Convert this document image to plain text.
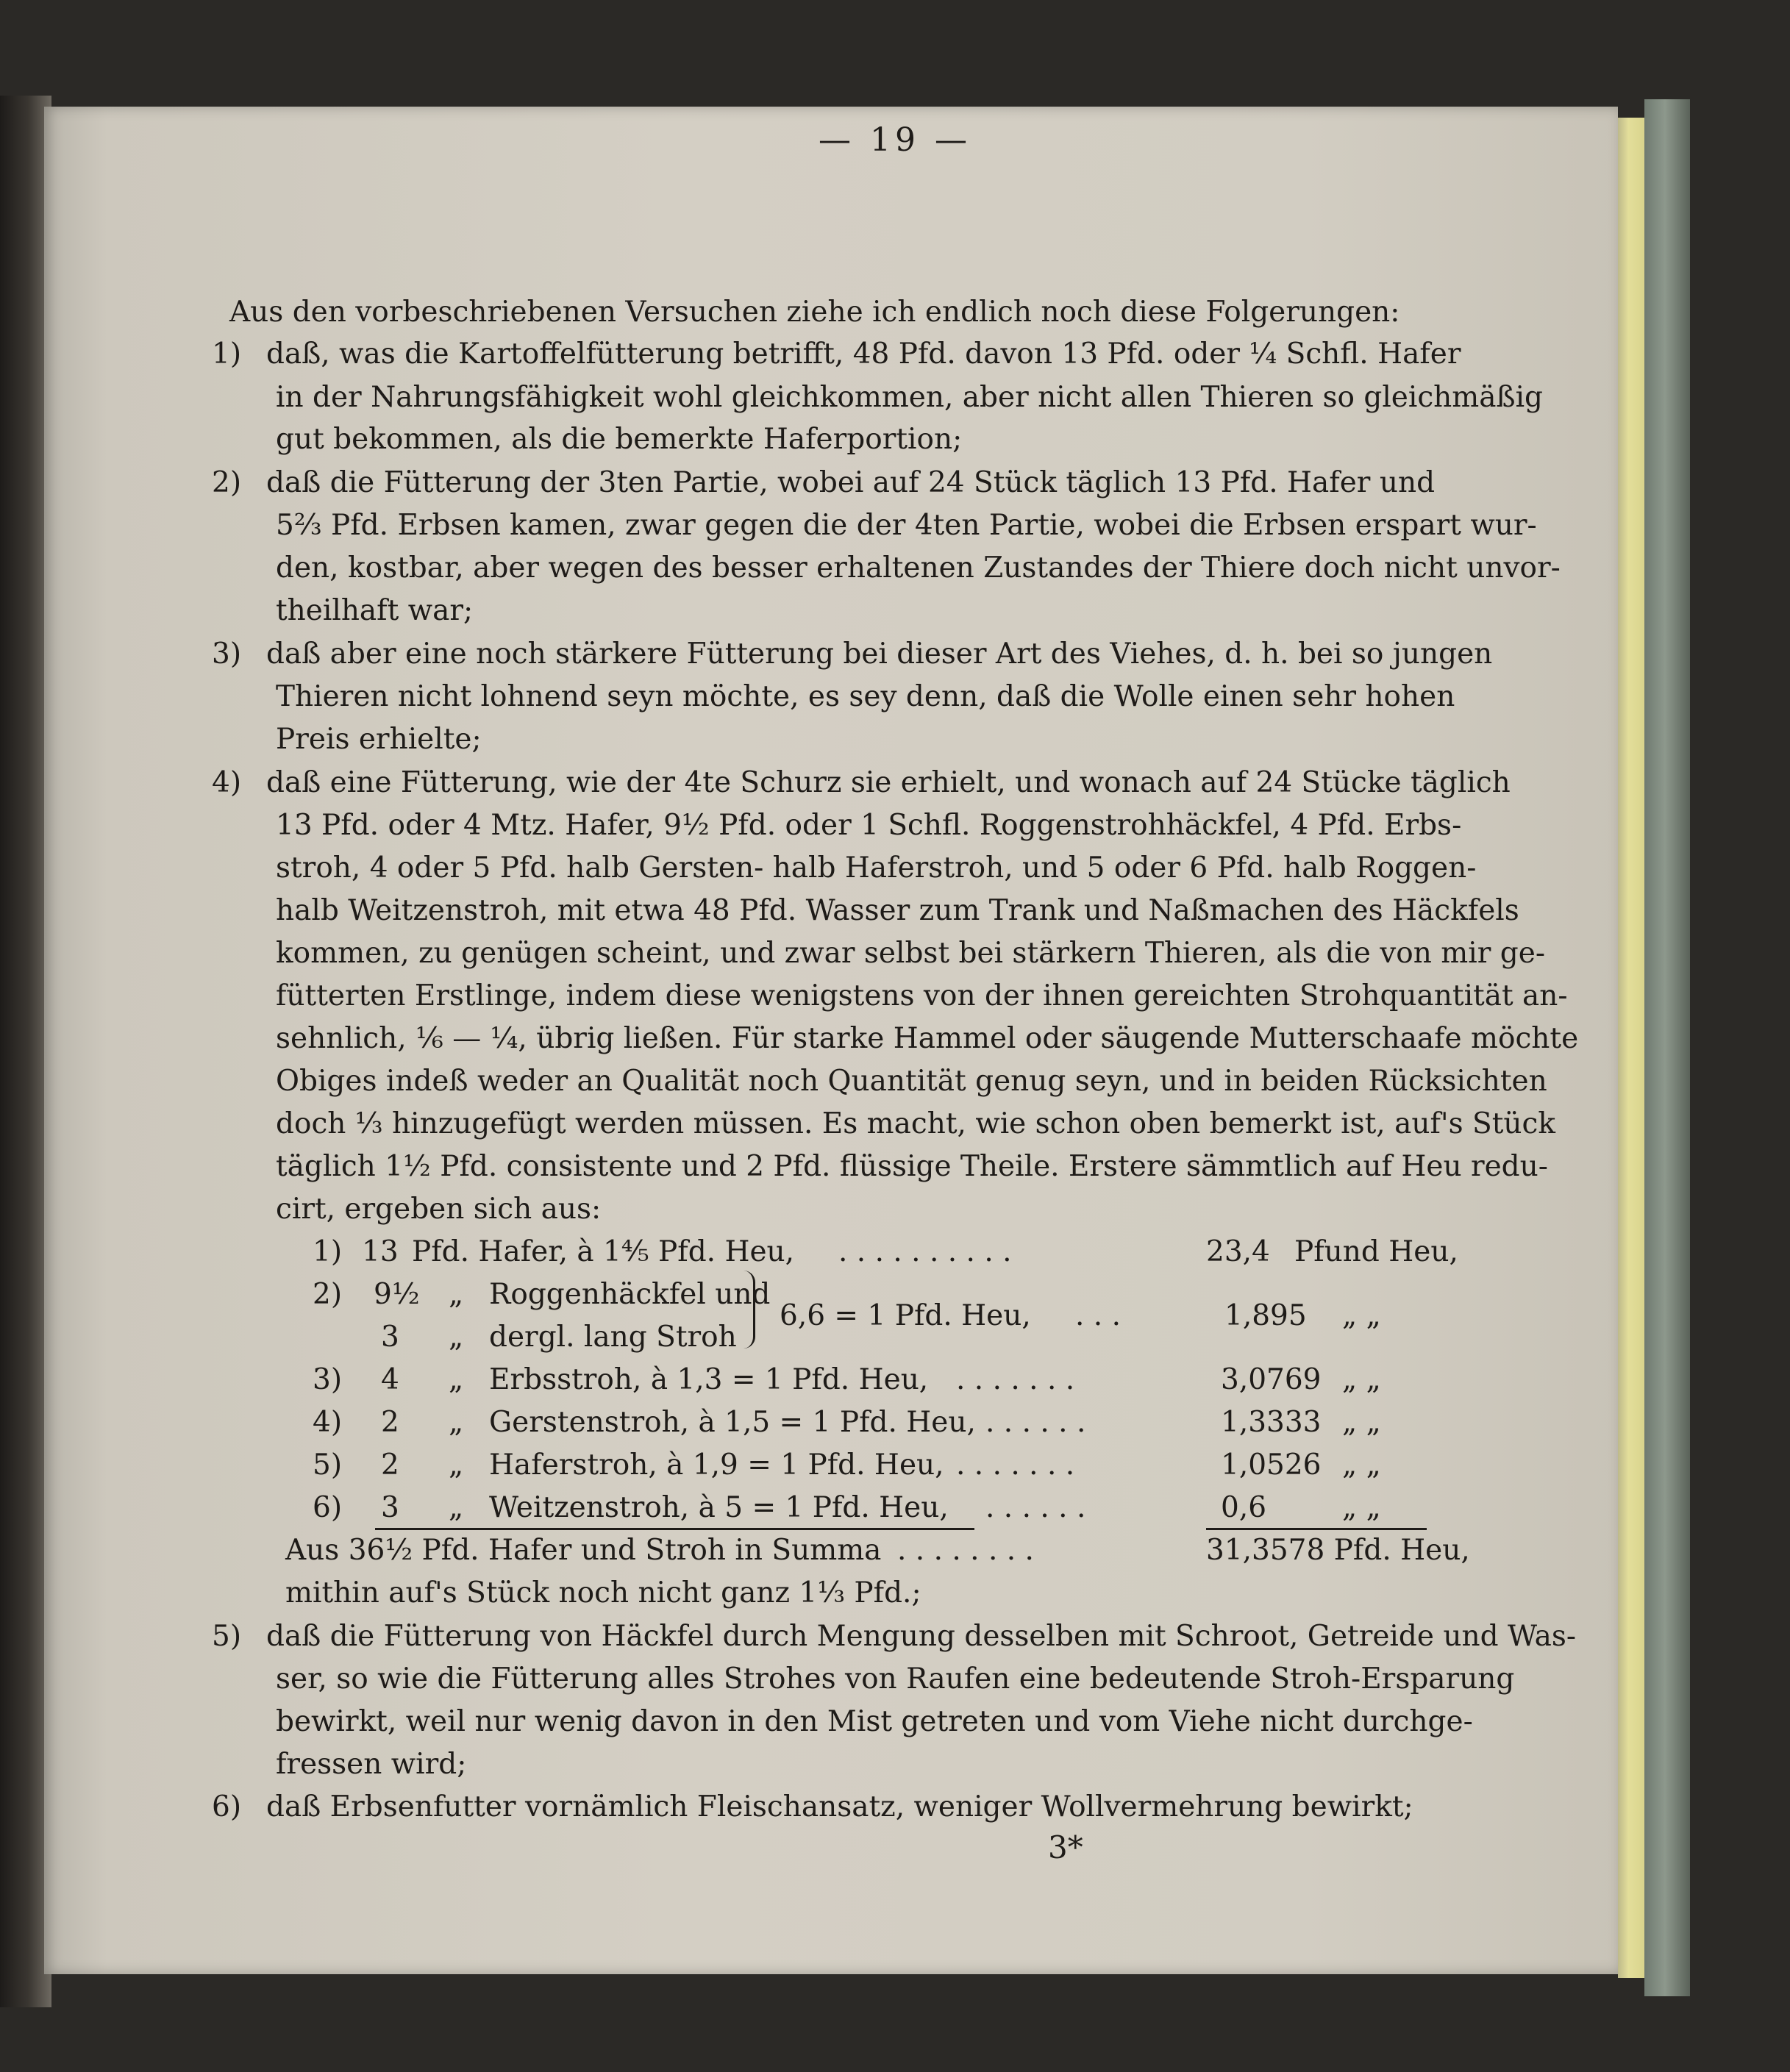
— 19 —
Aus den vorbeschriebenen Versuchen ziehe ich endlich noch diese Folgerungen:
1) daß, was die Kartoffelfütterung betrifft, 48 Pfd. davon 13 Pfd. oder ¼ Schfl. Hafer
in der Nahrungsfähigkeit wohl gleichkommen, aber nicht allen Thieren so gleichmäßig
gut bekommen, als die bemerkte Haferportion;
2) daß die Fütterung der 3ten Partie, wobei auf 24 Stück täglich 13 Pfd. Hafer und
5⅔ Pfd. Erbsen kamen, zwar gegen die der 4ten Partie, wobei die Erbsen erspart wur-
den, kostbar, aber wegen des besser erhaltenen Zustandes der Thiere doch nicht unvor-
theilhaft war;
3) daß aber eine noch stärkere Fütterung bei dieser Art des Viehes, d. h. bei so jungen
Thieren nicht lohnend seyn möchte, es sey denn, daß die Wolle einen sehr hohen
Preis erhielte;
4) daß eine Fütterung, wie der 4te Schurz sie erhielt, und wonach auf 24 Stücke täglich
13 Pfd. oder 4 Mtz. Hafer, 9½ Pfd. oder 1 Schfl. Roggenstrohhäckfel, 4 Pfd. Erbs-
stroh, 4 oder 5 Pfd. halb Gersten- halb Haferstroh, und 5 oder 6 Pfd. halb Roggen-
halb Weitzenstroh, mit etwa 48 Pfd. Wasser zum Trank und Naßmachen des Häckfels
kommen, zu genügen scheint, und zwar selbst bei stärkern Thieren, als die von mir ge-
fütterten Erstlinge, indem diese wenigstens von der ihnen gereichten Strohquantität an-
sehnlich, ⅙ — ¼, übrig ließen. Für starke Hammel oder säugende Mutterschaafe möchte
Obiges indeß weder an Qualität noch Quantität genug seyn, und in beiden Rücksichten
doch ⅓ hinzugefügt werden müssen. Es macht, wie schon oben bemerkt ist, auf's Stück
täglich 1½ Pfd. consistente und 2 Pfd. flüssige Theile. Erstere sämmtlich auf Heu redu-
cirt, ergeben sich aus:
1) 13 Pfd. Hafer, à 1⅘ Pfd. Heu, . . . . . . . . . .	23,4 Pfund Heu,
2) 9½ „ Roggenhäckfel und
3 „ dergl. lang Stroh
6,6 = 1 Pfd. Heu, . . .	1,895 „ „
3) 4 „ Erbsstroh, à 1,3 = 1 Pfd. Heu, . . . . . . .	3,0769 „ „
4) 2 „ Gerstenstroh, à 1,5 = 1 Pfd. Heu, . . . . . .	1,3333 „ „
5) 2 „ Haferstroh, à 1,9 = 1 Pfd. Heu, . . . . . . .	1,0526 „ „
6) 3 „ Weitzenstroh, à 5 = 1 Pfd. Heu, . . . . . .	0,6	„ „
Aus 36½ Pfd. Hafer und Stroh in Summa . . . . . . . .	31,3578 Pfd. Heu,
mithin auf's Stück noch nicht ganz 1⅓ Pfd.;
5) daß die Fütterung von Häckfel durch Mengung desselben mit Schroot, Getreide und Was-
ser, so wie die Fütterung alles Strohes von Raufen eine bedeutende Stroh-Ersparung
bewirkt, weil nur wenig davon in den Mist getreten und vom Viehe nicht durchge-
fressen wird;
6) daß Erbsenfutter vornämlich Fleischansatz, weniger Wollvermehrung bewirkt;
3*
